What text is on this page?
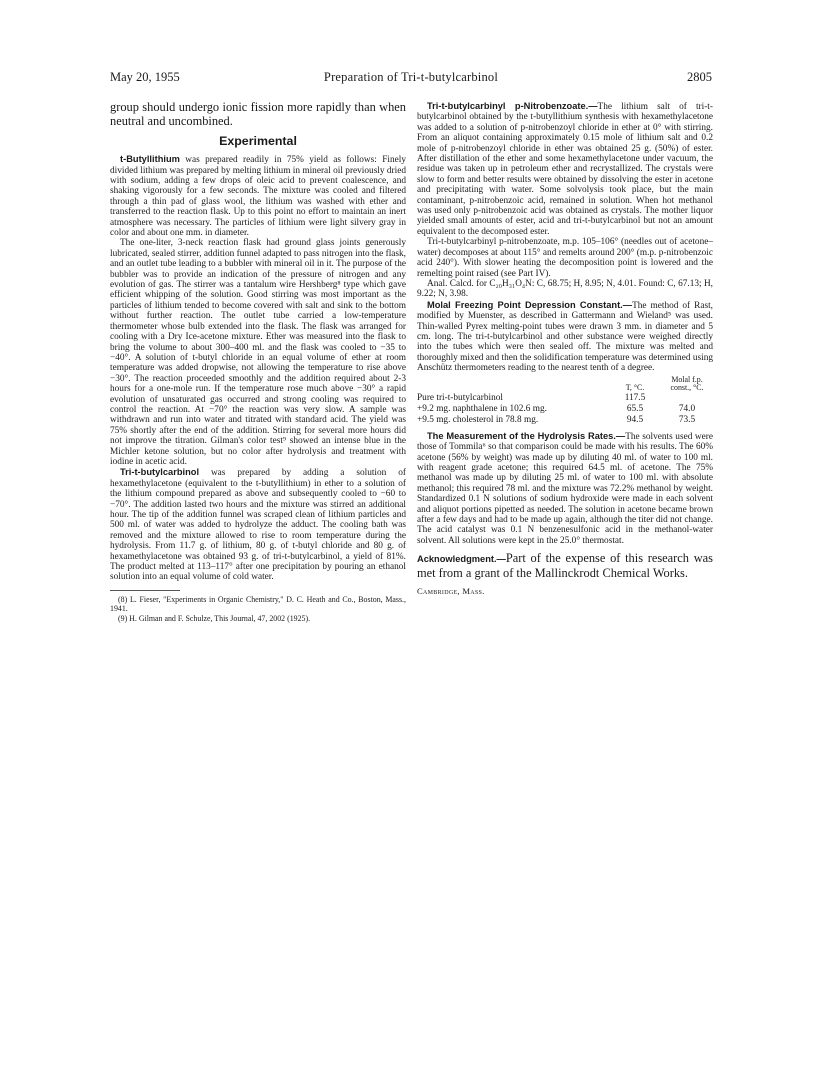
May 20, 1955	Preparation of Tri-t-butylcarbinol	2805

group should undergo ionic fission more rapidly than when neutral and uncombined.

Experimental

t-Butyllithium was prepared readily in 75% yield as follows: Finely divided lithium was prepared by melting lithium in mineral oil previously dried with sodium, adding a few drops of oleic acid to prevent coalescence, and shaking vigorously for a few seconds. The mixture was cooled and filtered through a thin pad of glass wool, the lithium was washed with ether and transferred to the reaction flask. Up to this point no effort to maintain an inert atmosphere was necessary. The particles of lithium were light silvery gray in color and about one mm. in diameter.

The one-liter, 3-neck reaction flask had ground glass joints generously lubricated, sealed stirrer, addition funnel adapted to pass nitrogen into the flask, and an outlet tube leading to a bubbler with mineral oil in it. The purpose of the bubbler was to provide an indication of the pressure of nitrogen and any evolution of gas. The stirrer was a tantalum wire Hershberg⁸ type which gave efficient whipping of the solution. Good stirring was most important as the particles of lithium tended to become covered with salt and sink to the bottom without further reaction. The outlet tube carried a low-temperature thermometer whose bulb extended into the flask. The flask was arranged for cooling with a Dry Ice-acetone mixture. Ether was measured into the flask to bring the volume to about 300–400 ml. and the flask was cooled to −35 to −40°. A solution of t-butyl chloride in an equal volume of ether at room temperature was added dropwise, not allowing the temperature to rise above −30°. The reaction proceeded smoothly and the addition required about 2-3 hours for a one-mole run. If the temperature rose much above −30° a rapid evolution of unsaturated gas occurred and strong cooling was required to control the reaction. At −70° the reaction was very slow. A sample was withdrawn and run into water and titrated with standard acid. The yield was 75% shortly after the end of the addition. Stirring for several more hours did not improve the titration. Gilman's color test⁹ showed an intense blue in the Michler ketone solution, but no color after hydrolysis and treatment with iodine in acetic acid.

Tri-t-butylcarbinol was prepared by adding a solution of hexamethylacetone (equivalent to the t-butyllithium) in ether to a solution of the lithium compound prepared as above and subsequently cooled to −60 to −70°. The addition lasted two hours and the mixture was stirred an additional hour. The tip of the addition funnel was scraped clean of lithium particles and 500 ml. of water was added to hydrolyze the adduct. The cooling bath was removed and the mixture allowed to rise to room temperature during the hydrolysis. From 11.7 g. of lithium, 80 g. of t-butyl chloride and 80 g. of hexamethylacetone was obtained 93 g. of tri-t-butylcarbinol, a yield of 81%. The product melted at 113–117° after one precipitation by pouring an ethanol solution into an equal volume of cold water.

(8) L. Fieser, "Experiments in Organic Chemistry," D. C. Heath and Co., Boston, Mass., 1941.

(9) H. Gilman and F. Schulze, This Journal, 47, 2002 (1925).

Tri-t-butylcarbinyl p-Nitrobenzoate.—The lithium salt of tri-t-butylcarbinol obtained by the t-butyllithium synthesis with hexamethylacetone was added to a solution of p-nitrobenzoyl chloride in ether at 0° with stirring. From an aliquot containing approximately 0.15 mole of lithium salt and 0.2 mole of p-nitrobenzoyl chloride in ether was obtained 25 g. (50%) of ester. After distillation of the ether and some hexamethylacetone under vacuum, the residue was taken up in petroleum ether and recrystallized. The crystals were slow to form and better results were obtained by dissolving the ester in acetone and precipitating with water. Some solvolysis took place, but the main contaminant, p-nitrobenzoic acid, remained in solution. When hot methanol was used only p-nitrobenzoic acid was obtained as crystals. The mother liquor yielded small amounts of ester, acid and tri-t-butylcarbinol but not an amount equivalent to the decomposed ester.

Tri-t-butylcarbinyl p-nitrobenzoate, m.p. 105–106° (needles out of acetone–water) decomposes at about 115° and remelts around 200° (m.p. p-nitrobenzoic acid 240°). With slower heating the decomposition point is lowered and the remelting point raised (see Part IV).

Anal. Calcd. for C₂₀H₃₁O₄N: C, 68.75; H, 8.95; N, 4.01. Found: C, 67.13; H, 9.22; N, 3.98.

Molal Freezing Point Depression Constant.—The method of Rast, modified by Muenster, as described in Gattermann and Wieland⁵ was used. Thin-walled Pyrex melting-point tubes were drawn 3 mm. in diameter and 5 cm. long. The tri-t-butylcarbinol and other substance were weighed directly into the tubes which were then sealed off. The mixture was melted and thoroughly mixed and then the solidification temperature was determined using Anschütz thermometers reading to the nearest tenth of a degree.

	T, °C.	Molal f.p. const., °C.
Pure tri-t-butylcarbinol	117.5	
+9.2 mg. naphthalene in 102.6 mg.	65.5	74.0
+9.5 mg. cholesterol in 78.8 mg.	94.5	73.5

The Measurement of the Hydrolysis Rates.—The solvents used were those of Tommila⁶ so that comparison could be made with his results. The 60% acetone (56% by weight) was made up by diluting 40 ml. of water to 100 ml. with reagent grade acetone; this required 64.5 ml. of acetone. The 75% methanol was made up by diluting 25 ml. of water to 100 ml. with absolute methanol; this required 78 ml. and the mixture was 72.2% methanol by weight. Standardized 0.1 N solutions of sodium hydroxide were made in each solvent and aliquot portions pipetted as needed. The solution in acetone became brown after a few days and had to be made up again, although the titer did not change. The acid catalyst was 0.1 N benzenesulfonic acid in the methanol-water solvent. All solutions were kept in the 25.0° thermostat.

Acknowledgment.—Part of the expense of this research was met from a grant of the Mallinckrodt Chemical Works.

Cambridge, Mass.
